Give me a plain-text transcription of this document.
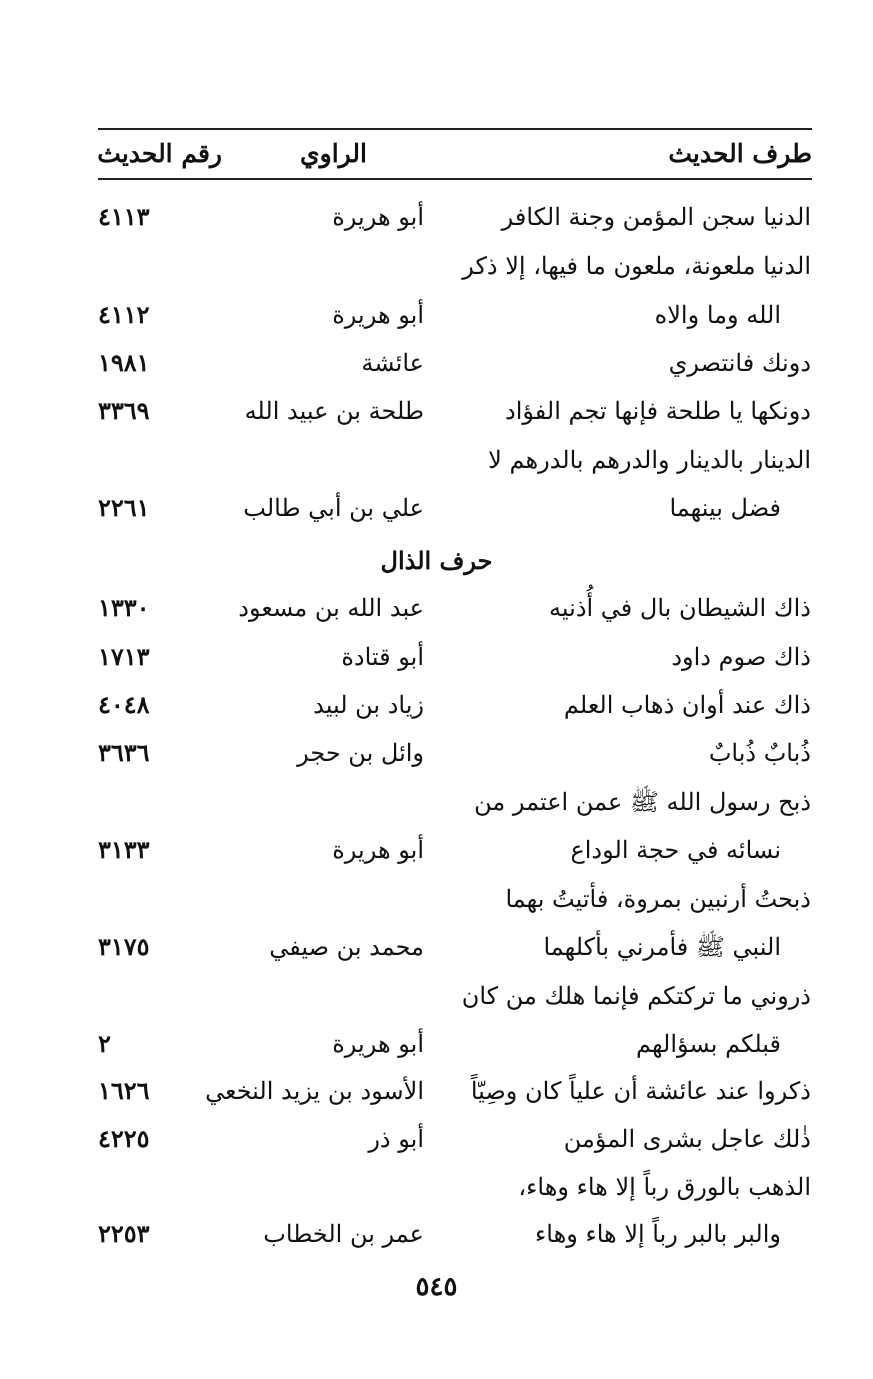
طرف الحديث
الراوي
رقم الحديث
الدنيا سجن المؤمن وجنة الكافر
أبو هريرة
٤١١٣
الدنيا ملعونة، ملعون ما فيها، إلا ذكر
الله وما والاه
أبو هريرة
٤١١٢
دونك فانتصري
عائشة
١٩٨١
دونكها يا طلحة فإنها تجم الفؤاد
طلحة بن عبيد الله
٣٣٦٩
الدينار بالدينار والدرهم بالدرهم لا
فضل بينهما
علي بن أبي طالب
٢٢٦١
حرف الذال
ذاك الشيطان بال في أُذنيه
عبد الله بن مسعود
١٣٣٠
ذاك صوم داود
أبو قتادة
١٧١٣
ذاك عند أوان ذهاب العلم
زياد بن لبيد
٤٠٤٨
ذُبابٌ ذُبابٌ
وائل بن حجر
٣٦٣٦
ذبح رسول الله ﷺ عمن اعتمر من
نسائه في حجة الوداع
أبو هريرة
٣١٣٣
ذبحتُ أرنبين بمروة، فأتيتُ بهما
النبي ﷺ فأمرني بأكلهما
محمد بن صيفي
٣١٧٥
ذروني ما تركتكم فإنما هلك من كان
قبلكم بسؤالهم
أبو هريرة
٢
ذكروا عند عائشة أن علياً كان وصِيّاً
الأسود بن يزيد النخعي
١٦٢٦
ذٰلك عاجل بشرى المؤمن
أبو ذر
٤٢٢٥
الذهب بالورق رباً إلا هاء وهاء،
والبر بالبر رباً إلا هاء وهاء
عمر بن الخطاب
٢٢٥٣
٥٤٥
